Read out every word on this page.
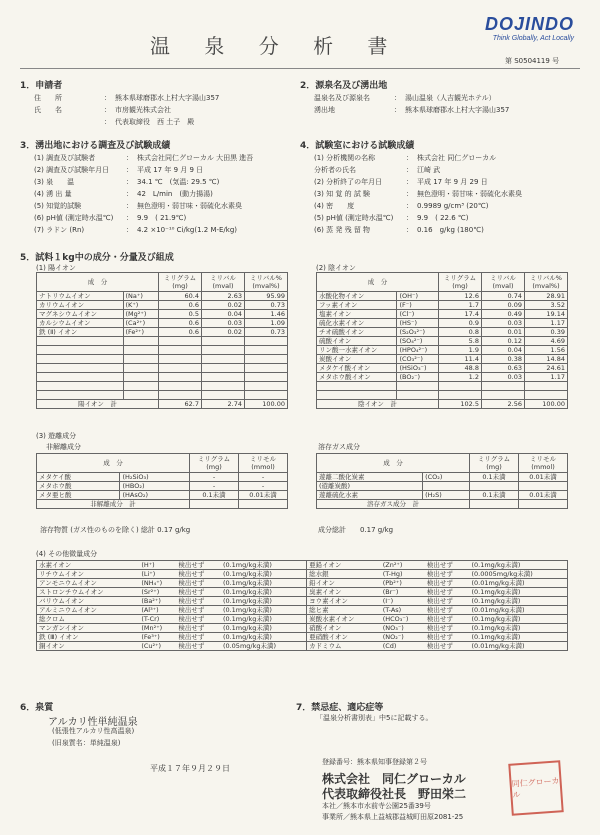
温 泉 分 析 書
DOJINDO
Think Globally, Act Locally
第 S0504119 号
1．申請者
住　　所	： 熊本県球磨郡水上村大字湯山357
氏　　名	： 市房観光株式会社
： 代表取締役　西 土子　殿
2．源泉名及び湧出地
温泉名及び源泉名	： 湯山温泉（人吉観光ホテル）
湧出地	： 熊本県球磨郡水上村大字湯山357
3．湧出地における調査及び試験成績
(1) 調査及び試験者	： 株式会社同仁グローカル 大田黒 進吾
(2) 調査及び試験年月日	： 平成 17 年 9 月 9 日
(3) 泉　　温	： 34.1 ℃　(気温: 29.5 ℃)
(4) 湧 出 量	： 42　L/min　(動力揚湯)
(5) 知覚的試験	： 無色澄明・弱甘味・弱硫化水素臭
(6) pH値 (測定時水温℃)	： 9.9　( 21.9℃)
(7) ラドン (Rn)	： 4.2 ×10⁻¹⁰ Ci/kg(1.2 M-E/kg)
4．試験室における試験成績
(1) 分析機関の名称	： 株式会社 同仁グローカル
分析者の氏名	： 江崎 武
(2) 分析終了の年月日	： 平成 17 年 9 月 29 日
(3) 知 覚 的 試 験	： 無色澄明・弱甘味・弱硫化水素臭
(4) 密　　度	： 0.9989 g/cm³ (20℃)
(5) pH値 (測定時水温℃)	： 9.9　( 22.6 ℃)
(6) 蒸 発 残 留 物	： 0.16　g/kg (180℃)
5．試料１kg中の成分・分量及び組成
(1) 陽イオン	(2) 陰イオン
成　分		ミリグラム (mg)	ミリバル (mval)	ミリバル% (mval%)
ナトリウムイオン	(Na⁺)	60.4	2.63	95.99
カリウムイオン	(K⁺)	0.6	0.02	0.73
マグネシウムイオン	(Mg²⁺)	0.5	0.04	1.46
カルシウムイオン	(Ca²⁺)	0.6	0.03	1.09
鉄 (Ⅱ) イオン	(Fe²⁺)	0.6	0.02	0.73

陽イオン　計		62.7	2.74	100.00
成　分		ミリグラム (mg)	ミリバル (mval)	ミリバル% (mval%)
水酸化物イオン	(OH⁻)	12.6	0.74	28.91
フッ素イオン	(F⁻)	1.7	0.09	3.52
塩素イオン	(Cl⁻)	17.4	0.49	19.14
硫化水素イオン	(HS⁻)	0.9	0.03	1.17
チオ硫酸イオン	(S₂O₃²⁻)	0.8	0.01	0.39
硫酸イオン	(SO₄²⁻)	5.8	0.12	4.69
リン酸一水素イオン	(HPO₄²⁻)	1.9	0.04	1.56
炭酸イオン	(CO₃²⁻)	11.4	0.38	14.84
メタケイ酸イオン	(HSiO₃⁻)	48.8	0.63	24.61
メタホウ酸イオン	(BO₂⁻)	1.2	0.03	1.17

陰イオン　計		102.5	2.56	100.00
(3) 遊離成分
非解離成分	溶存ガス成分
成　分		ミリグラム (mg)	ミリモル (mmol)
メタケイ酸	(H₂SiO₃)	-	-
メタホウ酸	(HBO₂)	-	-
メタ亜ヒ酸	(HAsO₂)	0.1未満	0.01未満
非解離成分　計			
成　分		ミリグラム (mg)	ミリモル (mmol)
遊離二酸化炭素	(CO₂)	0.1未満	0.01未満
(遊離炭酸)			
遊離硫化水素	(H₂S)	0.1未満	0.01未満
溶存ガス成分　計			
溶存物質 (ガス性のものを除く) 総計 0.17 g/kg	成分総計　　0.17 g/kg
(4) その他微量成分
水素イオン	(H⁺)	検出せず	(0.1mg/kg未満)	亜鉛イオン	(Zn²⁺)	検出せず	(0.1mg/kg未満)
リチウムイオン	(Li⁺)	検出せず	(0.1mg/kg未満)	総水銀	(T-Hg)	検出せず	(0.0005mg/kg未満)
アンモニウムイオン	(NH₄⁺)	検出せず	(0.1mg/kg未満)	鉛イオン	(Pb²⁺)	検出せず	(0.01mg/kg未満)
ストロンチウムイオン	(Sr²⁺)	検出せず	(0.1mg/kg未満)	臭素イオン	(Br⁻)	検出せず	(0.1mg/kg未満)
バリウムイオン	(Ba²⁺)	検出せず	(0.1mg/kg未満)	ヨウ素イオン	(I⁻)	検出せず	(0.1mg/kg未満)
アルミニウムイオン	(Al³⁺)	検出せず	(0.1mg/kg未満)	総ヒ素	(T-As)	検出せず	(0.01mg/kg未満)
総クロム	(T-Cr)	検出せず	(0.1mg/kg未満)	炭酸水素イオン	(HCO₃⁻)	検出せず	(0.1mg/kg未満)
マンガンイオン	(Mn²⁺)	検出せず	(0.1mg/kg未満)	硝酸イオン	(NO₃⁻)	検出せず	(0.1mg/kg未満)
鉄 (Ⅲ) イオン	(Fe³⁺)	検出せず	(0.1mg/kg未満)	亜硝酸イオン	(NO₂⁻)	検出せず	(0.1mg/kg未満)
銅イオン	(Cu²⁺)	検出せず	(0.05mg/kg未満)	カドミウム	(Cd)	検出せず	(0.01mg/kg未満)
6．泉質
アルカリ性単純温泉
(低張性アルカリ性高温泉)
(旧泉質名：単純温泉)
7．禁忌症、適応症等
「温泉分析書別表」中5に記載する。
平成１７年９月２９日
登録番号：熊本県知事登録第２号
株式会社　同仁グローカル
代表取締役社長　野田栄二
本社／熊本市水前寺公園25番39号
事業所／熊本県上益城郡益城町田原2081-25
同仁グローカル
